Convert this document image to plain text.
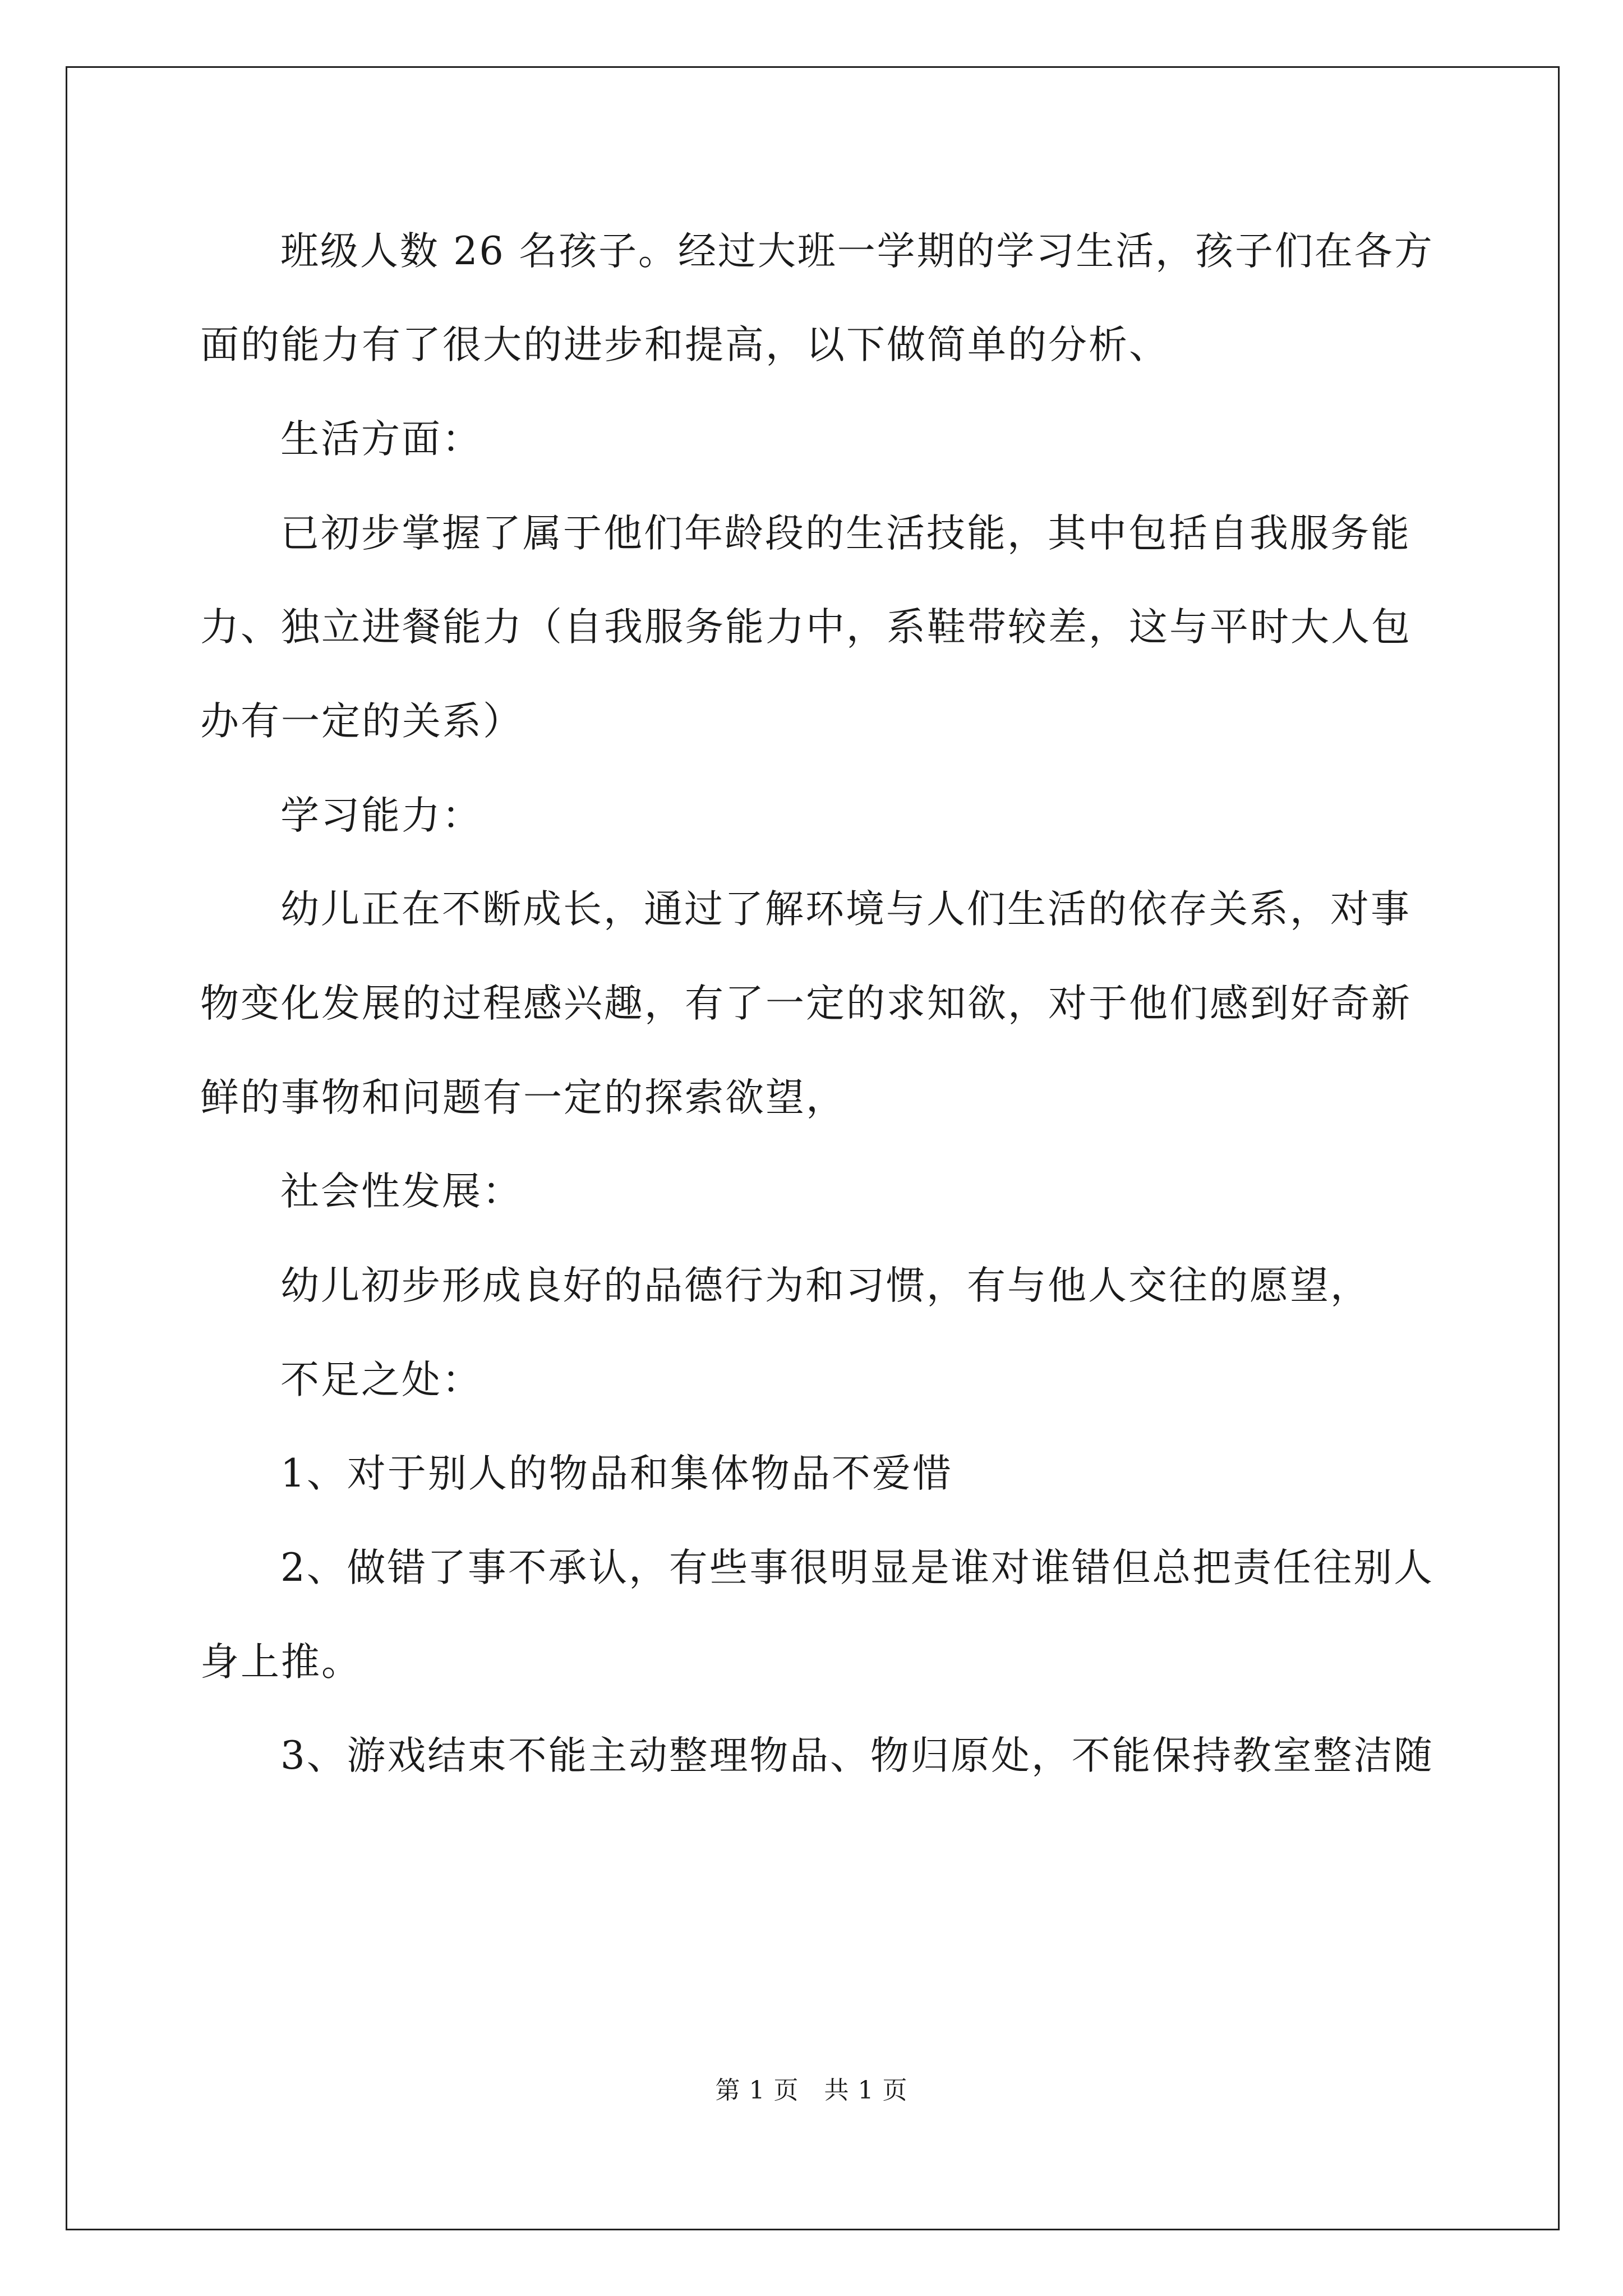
班级人数 26 名孩子。经过大班一学期的学习生活，孩子们在各方
面的能力有了很大的进步和提高，以下做简单的分析、
生活方面：
已初步掌握了属于他们年龄段的生活技能，其中包括自我服务能
力、独立进餐能力（自我服务能力中，系鞋带较差，这与平时大人包
办有一定的关系）
学习能力：
幼儿正在不断成长，通过了解环境与人们生活的依存关系，对事
物变化发展的过程感兴趣，有了一定的求知欲，对于他们感到好奇新
鲜的事物和问题有一定的探索欲望，
社会性发展：
幼儿初步形成良好的品德行为和习惯，有与他人交往的愿望，
不足之处：
1、对于别人的物品和集体物品不爱惜
2、做错了事不承认，有些事很明显是谁对谁错但总把责任往别人
身上推。
3、游戏结束不能主动整理物品、物归原处，不能保持教室整洁随
第 1 页　共 1 页
